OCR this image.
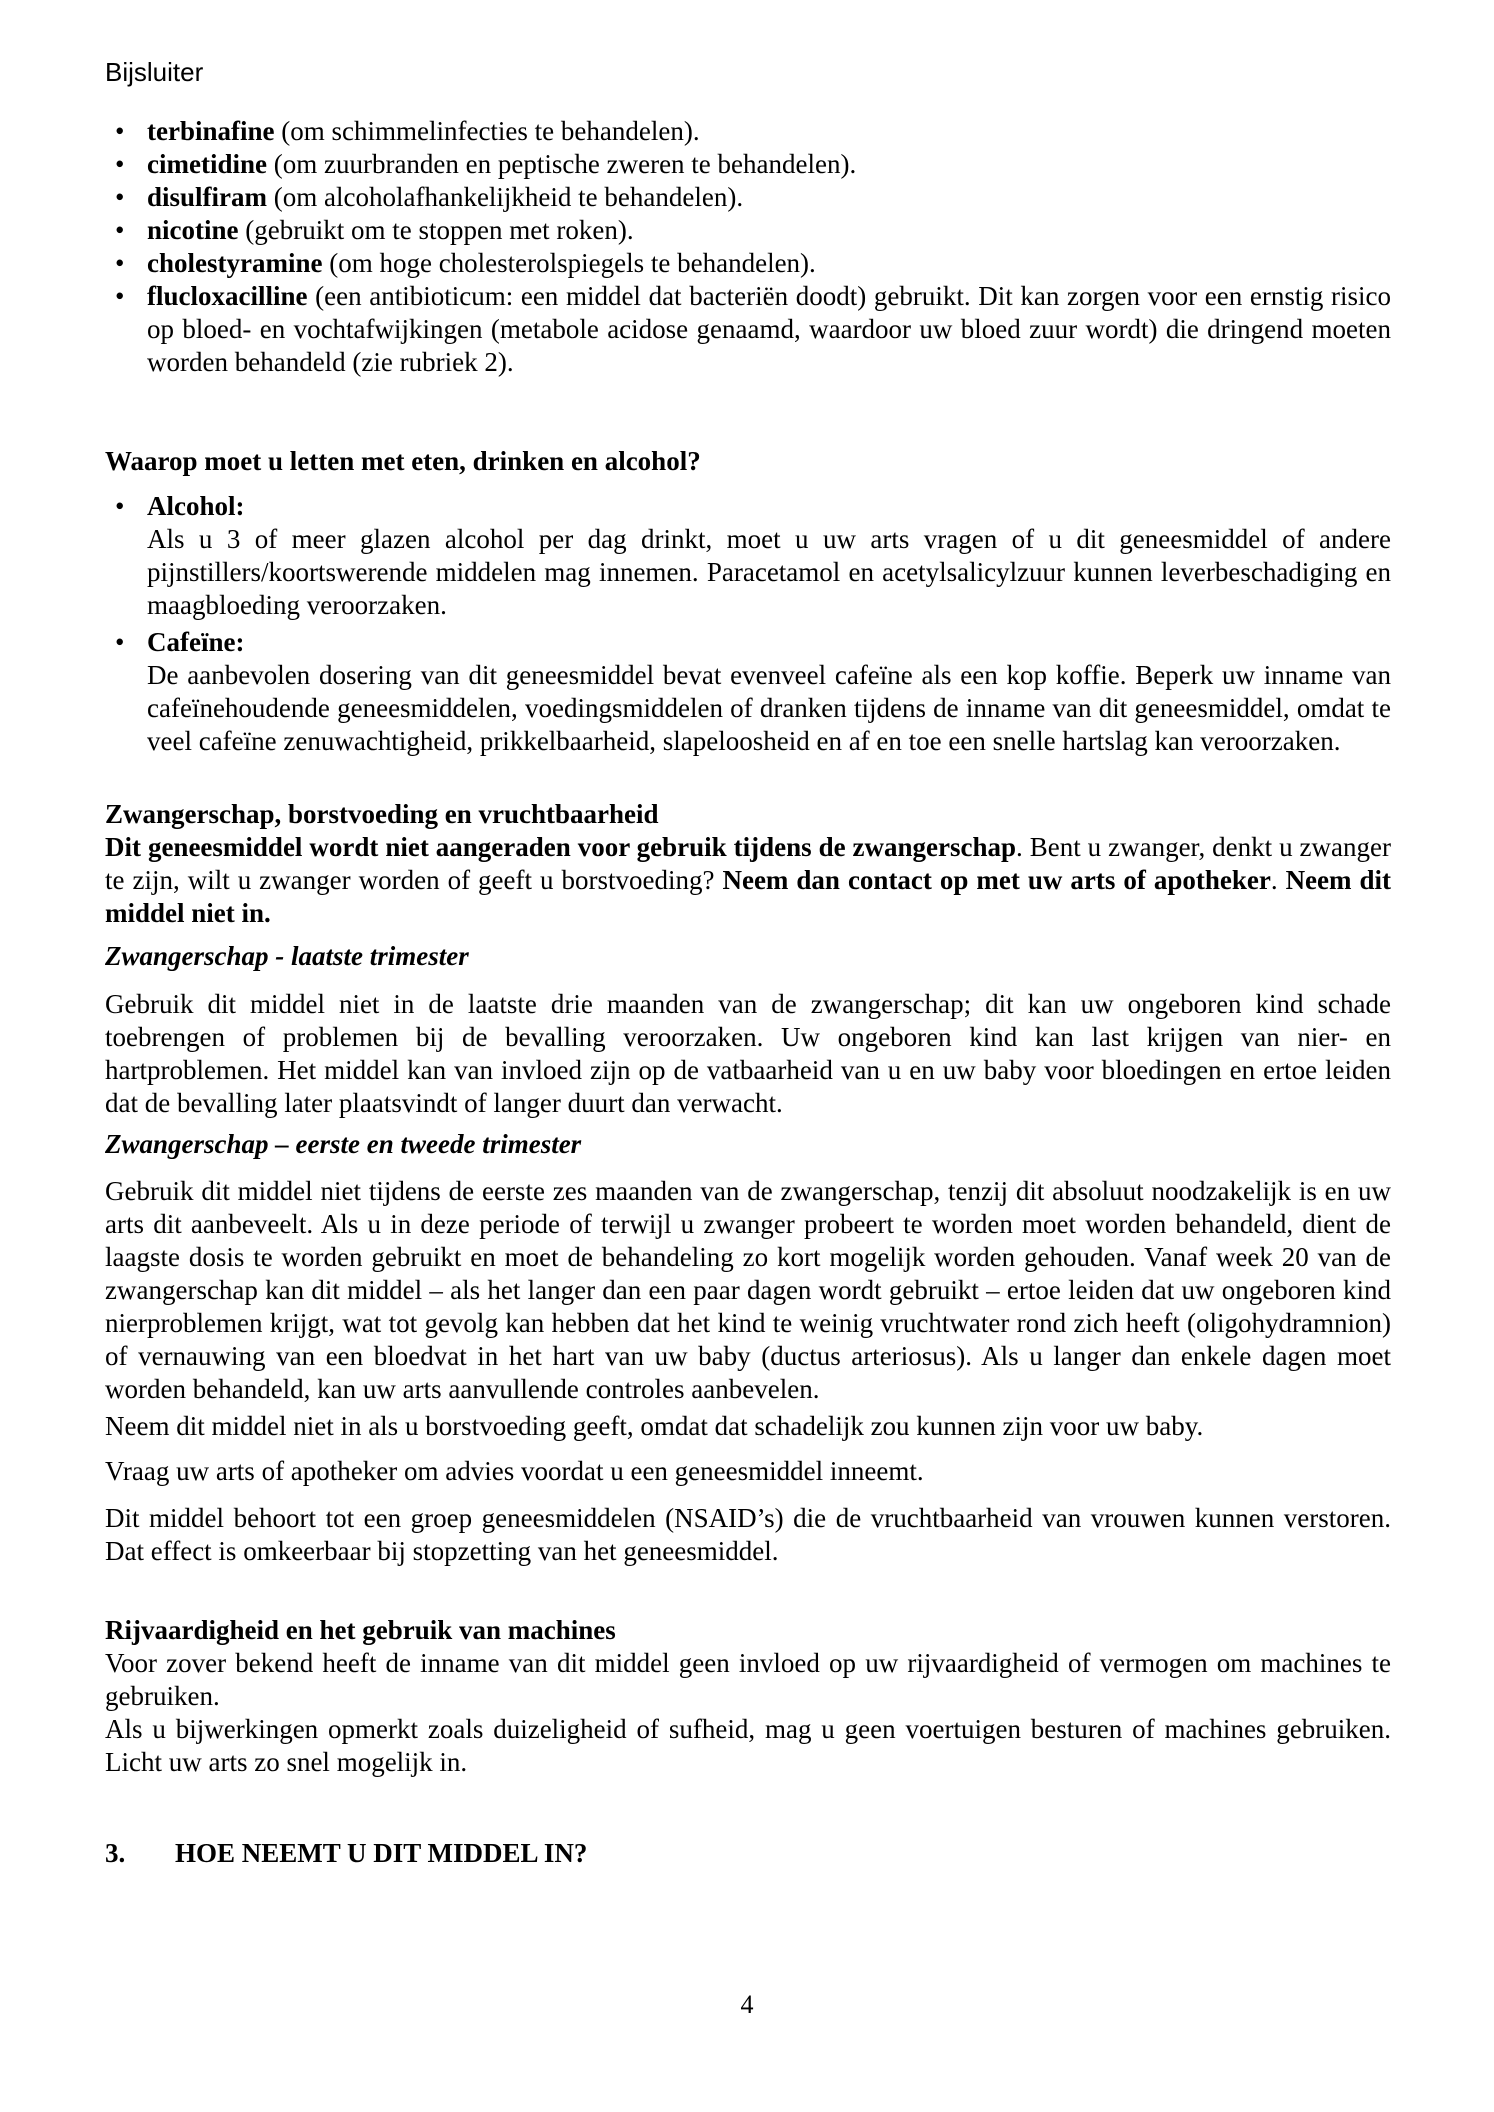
Bijsluiter
• terbinafine (om schimmelinfecties te behandelen).
• cimetidine (om zuurbranden en peptische zweren te behandelen).
• disulfiram (om alcoholafhankelijkheid te behandelen).
• nicotine (gebruikt om te stoppen met roken).
• cholestyramine (om hoge cholesterolspiegels te behandelen).
• flucloxacilline (een antibioticum: een middel dat bacteriën doodt) gebruikt. Dit kan zorgen voor een ernstig risico op bloed- en vochtafwijkingen (metabole acidose genaamd, waardoor uw bloed zuur wordt) die dringend moeten worden behandeld (zie rubriek 2).
Waarop moet u letten met eten, drinken en alcohol?
• Alcohol:
Als u 3 of meer glazen alcohol per dag drinkt, moet u uw arts vragen of u dit geneesmiddel of andere pijnstillers/koortswerende middelen mag innemen. Paracetamol en acetylsalicylzuur kunnen leverbeschadiging en maagbloeding veroorzaken.
• Cafeïne:
De aanbevolen dosering van dit geneesmiddel bevat evenveel cafeïne als een kop koffie. Beperk uw inname van cafeïnehoudende geneesmiddelen, voedingsmiddelen of dranken tijdens de inname van dit geneesmiddel, omdat te veel cafeïne zenuwachtigheid, prikkelbaarheid, slapeloosheid en af en toe een snelle hartslag kan veroorzaken.
Zwangerschap, borstvoeding en vruchtbaarheid
Dit geneesmiddel wordt niet aangeraden voor gebruik tijdens de zwangerschap. Bent u zwanger, denkt u zwanger te zijn, wilt u zwanger worden of geeft u borstvoeding? Neem dan contact op met uw arts of apotheker. Neem dit middel niet in.
Zwangerschap - laatste trimester
Gebruik dit middel niet in de laatste drie maanden van de zwangerschap; dit kan uw ongeboren kind schade toebrengen of problemen bij de bevalling veroorzaken. Uw ongeboren kind kan last krijgen van nier- en hartproblemen. Het middel kan van invloed zijn op de vatbaarheid van u en uw baby voor bloedingen en ertoe leiden dat de bevalling later plaatsvindt of langer duurt dan verwacht.
Zwangerschap – eerste en tweede trimester
Gebruik dit middel niet tijdens de eerste zes maanden van de zwangerschap, tenzij dit absoluut noodzakelijk is en uw arts dit aanbeveelt. Als u in deze periode of terwijl u zwanger probeert te worden moet worden behandeld, dient de laagste dosis te worden gebruikt en moet de behandeling zo kort mogelijk worden gehouden. Vanaf week 20 van de zwangerschap kan dit middel – als het langer dan een paar dagen wordt gebruikt – ertoe leiden dat uw ongeboren kind nierproblemen krijgt, wat tot gevolg kan hebben dat het kind te weinig vruchtwater rond zich heeft (oligohydramnion) of vernauwing van een bloedvat in het hart van uw baby (ductus arteriosus). Als u langer dan enkele dagen moet worden behandeld, kan uw arts aanvullende controles aanbevelen.
Neem dit middel niet in als u borstvoeding geeft, omdat dat schadelijk zou kunnen zijn voor uw baby.
Vraag uw arts of apotheker om advies voordat u een geneesmiddel inneemt.
Dit middel behoort tot een groep geneesmiddelen (NSAID’s) die de vruchtbaarheid van vrouwen kunnen verstoren. Dat effect is omkeerbaar bij stopzetting van het geneesmiddel.
Rijvaardigheid en het gebruik van machines
Voor zover bekend heeft de inname van dit middel geen invloed op uw rijvaardigheid of vermogen om machines te gebruiken.
Als u bijwerkingen opmerkt zoals duizeligheid of sufheid, mag u geen voertuigen besturen of machines gebruiken. Licht uw arts zo snel mogelijk in.
3.	HOE NEEMT U DIT MIDDEL IN?
4
